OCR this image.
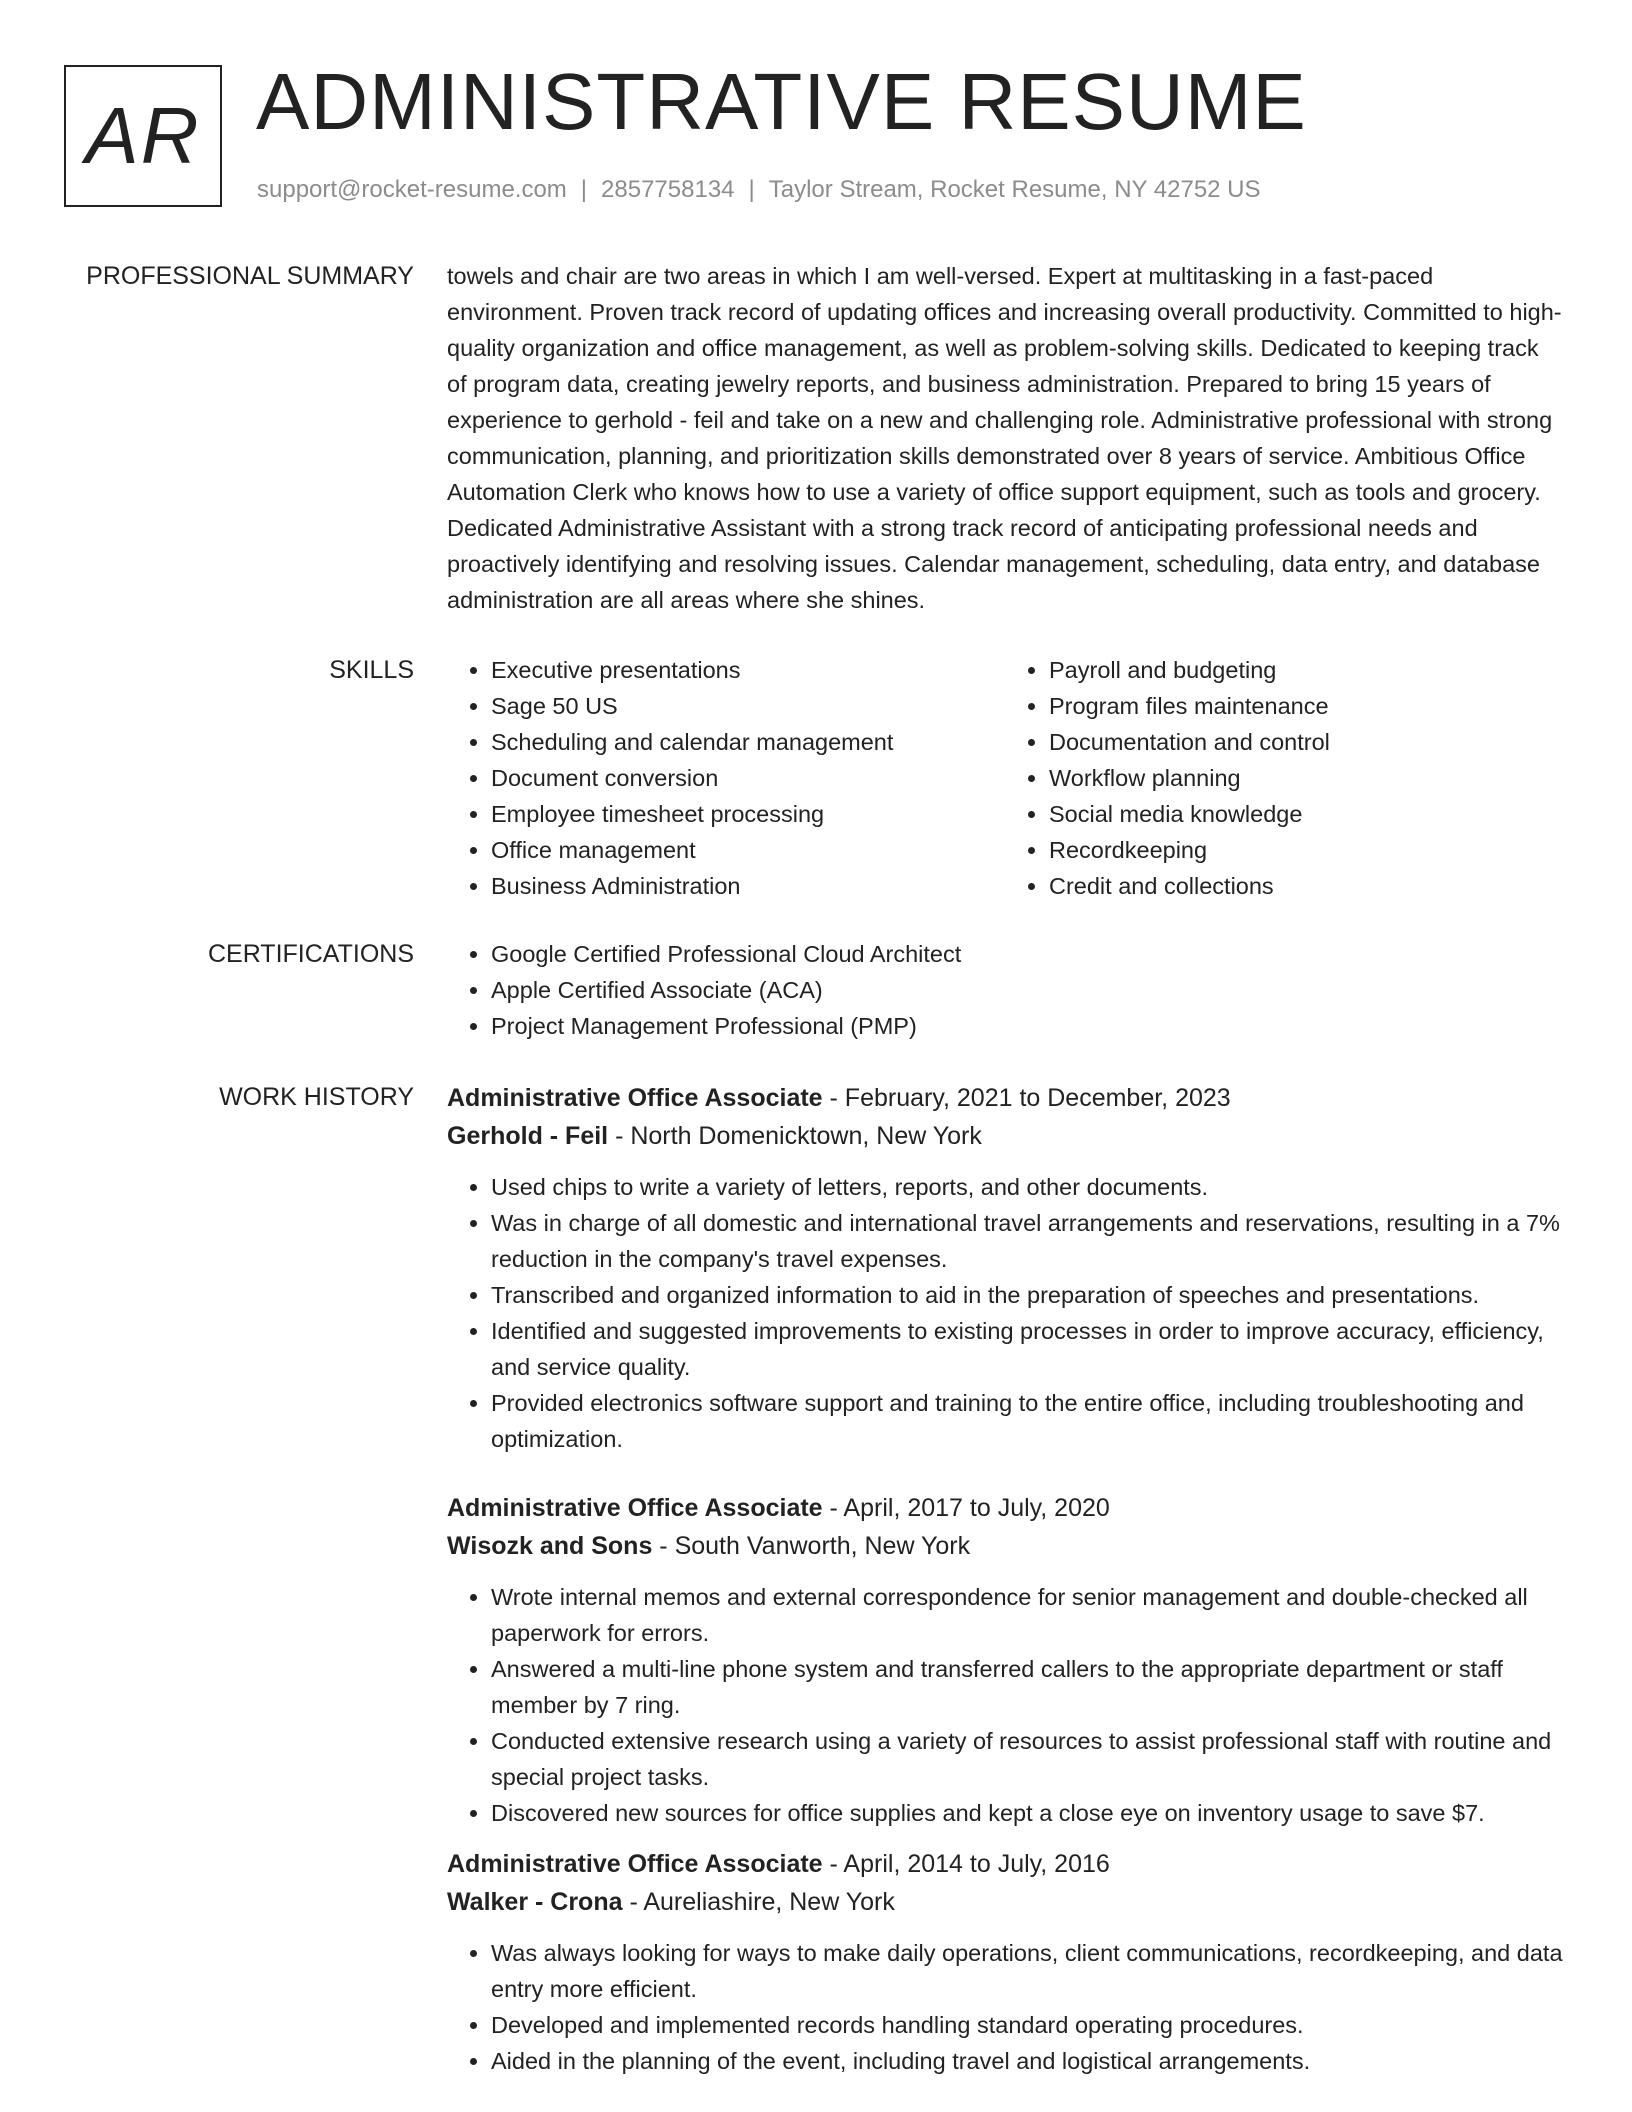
AR ADMINISTRATIVE RESUME
support@rocket-resume.com | 2857758134 | Taylor Stream, Rocket Resume, NY 42752 US
PROFESSIONAL SUMMARY towels and chair are two areas in which I am well-versed. Expert at multitasking in a fast-paced environment. Proven track record of updating offices and increasing overall productivity. Committed to high-quality organization and office management, as well as problem-solving skills. Dedicated to keeping track of program data, creating jewelry reports, and business administration. Prepared to bring 15 years of experience to gerhold - feil and take on a new and challenging role. Administrative professional with strong communication, planning, and prioritization skills demonstrated over 8 years of service. Ambitious Office Automation Clerk who knows how to use a variety of office support equipment, such as tools and grocery. Dedicated Administrative Assistant with a strong track record of anticipating professional needs and proactively identifying and resolving issues. Calendar management, scheduling, data entry, and database administration are all areas where she shines.

SKILLS	• Executive presentations
• Sage 50 US
• Scheduling and calendar management
• Document conversion
• Employee timesheet processing
• Office management
• Business Administration
• Payroll and budgeting
• Program files maintenance
• Documentation and control
• Workflow planning
• Social media knowledge
• Recordkeeping
• Credit and collections
CERTIFICATIONS	• Google Certified Professional Cloud Architect
• Apple Certified Associate (ACA)
• Project Management Professional (PMP)
WORK HISTORY Administrative Office Associate - February, 2021 to December, 2023
Gerhold - Feil - North Domenicktown, New York
• Used chips to write a variety of letters, reports, and other documents.
• Was in charge of all domestic and international travel arrangements and reservations, resulting in a 7% reduction in the company's travel expenses.
• Transcribed and organized information to aid in the preparation of speeches and presentations.
• Identified and suggested improvements to existing processes in order to improve accuracy, efficiency, and service quality.
• Provided electronics software support and training to the entire office, including troubleshooting and optimization.
Administrative Office Associate - April, 2017 to July, 2020
Wisozk and Sons - South Vanworth, New York
• Wrote internal memos and external correspondence for senior management and double-checked all paperwork for errors.
• Answered a multi-line phone system and transferred callers to the appropriate department or staff member by 7 ring.
• Conducted extensive research using a variety of resources to assist professional staff with routine and special project tasks.
• Discovered new sources for office supplies and kept a close eye on inventory usage to save $7.
Administrative Office Associate - April, 2014 to July, 2016
Walker - Crona - Aureliashire, New York
• Was always looking for ways to make daily operations, client communications, recordkeeping, and data entry more efficient.
• Developed and implemented records handling standard operating procedures.
• Aided in the planning of the event, including travel and logistical arrangements.
